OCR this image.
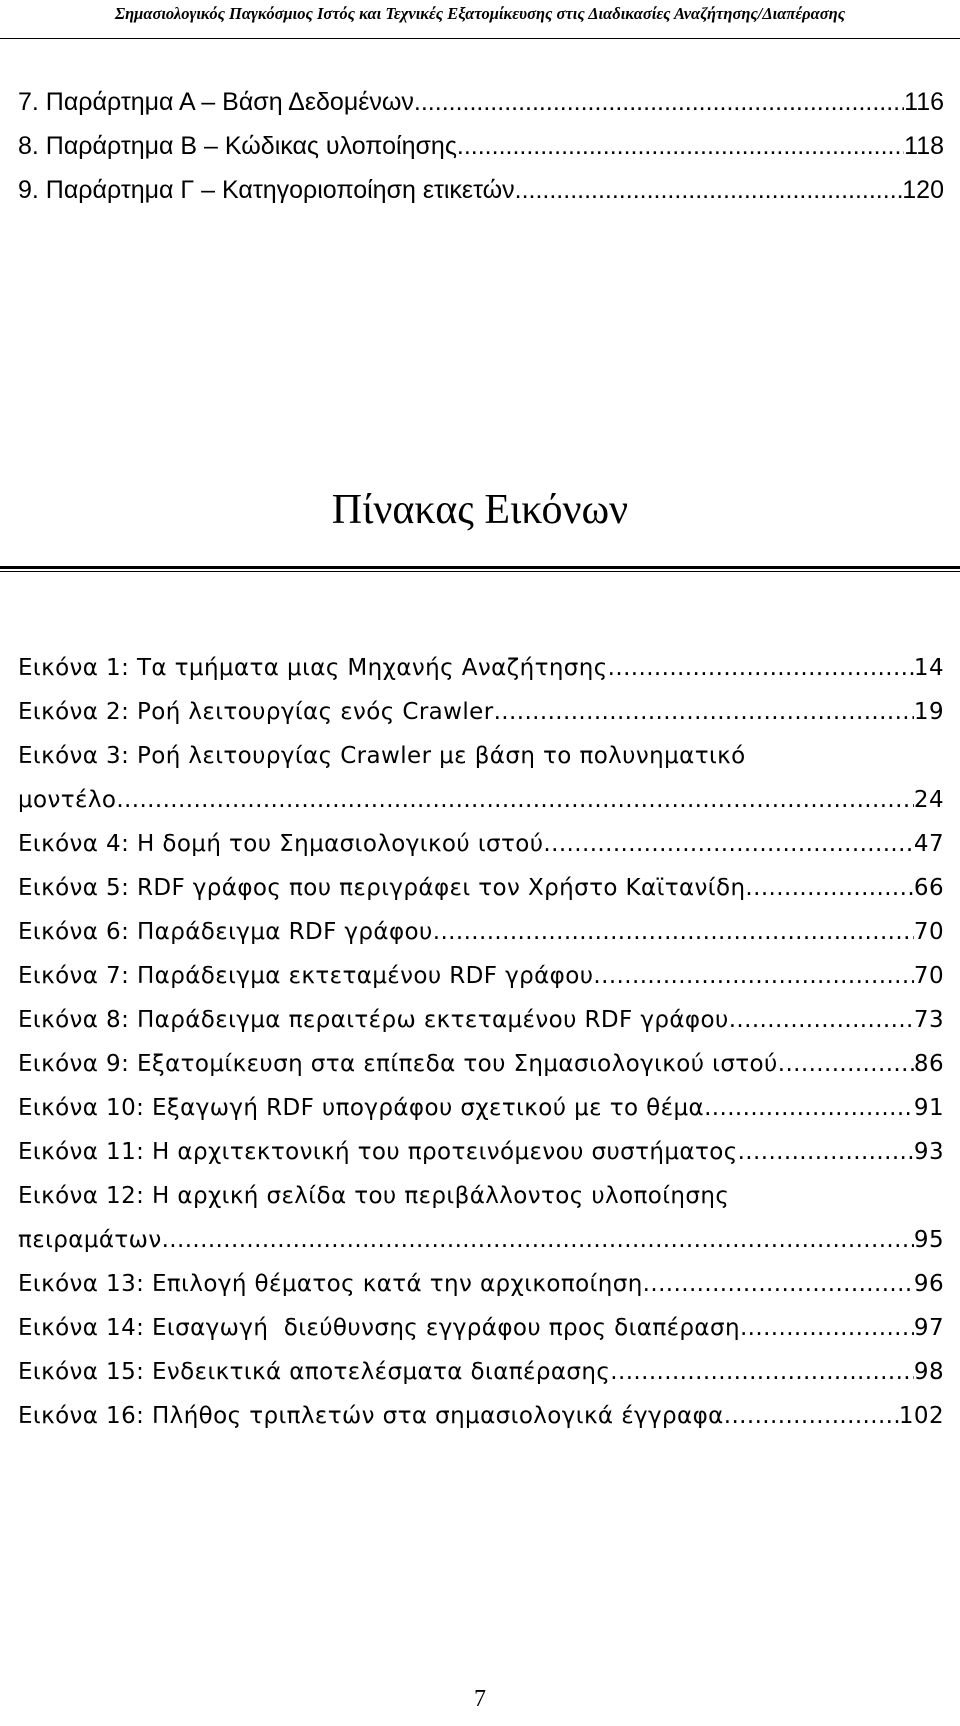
Σημασιολογικός Παγκόσμιος Ιστός και Τεχνικές Εξατομίκευσης στις Διαδικασίες Αναζήτησης/Διαπέρασης
7. Παράρτημα Α – Βάση Δεδομένων .....	116
8. Παράρτημα Β – Κώδικας υλοποίησης .....	118
9. Παράρτημα Γ – Κατηγοριοποίηση ετικετών .....	120
Πίνακας Εικόνων
Εικόνα 1: Τα τμήματα μιας Μηχανής Αναζήτησης .....	14
Εικόνα 2: Ροή λειτουργίας ενός Crawler .....	19
Εικόνα 3: Ροή λειτουργίας Crawler με βάση το πολυνηματικό
μοντέλο .....	24
Εικόνα 4: Η δομή του Σημασιολογικού ιστού .....	47
Εικόνα 5: RDF γράφος που περιγράφει τον Χρήστο Καϊτανίδη .....	66
Εικόνα 6: Παράδειγμα RDF γράφου .....	70
Εικόνα 7: Παράδειγμα εκτεταμένου RDF γράφου .....	70
Εικόνα 8: Παράδειγμα περαιτέρω εκτεταμένου RDF γράφου .....	73
Εικόνα 9: Εξατομίκευση στα επίπεδα του Σημασιολογικού ιστού .....	86
Εικόνα 10: Εξαγωγή RDF υπογράφου σχετικού με το θέμα .....	91
Εικόνα 11: Η αρχιτεκτονική του προτεινόμενου συστήματος .....	93
Εικόνα 12: Η αρχική σελίδα του περιβάλλοντος υλοποίησης
πειραμάτων .....	95
Εικόνα 13: Επιλογή θέματος κατά την αρχικοποίηση .....	96
Εικόνα 14: Εισαγωγή  διεύθυνσης εγγράφου προς διαπέραση .....	97
Εικόνα 15: Ενδεικτικά αποτελέσματα διαπέρασης .....	98
Εικόνα 16: Πλήθος τριπλετών στα σημασιολογικά έγγραφα .....	102
7
